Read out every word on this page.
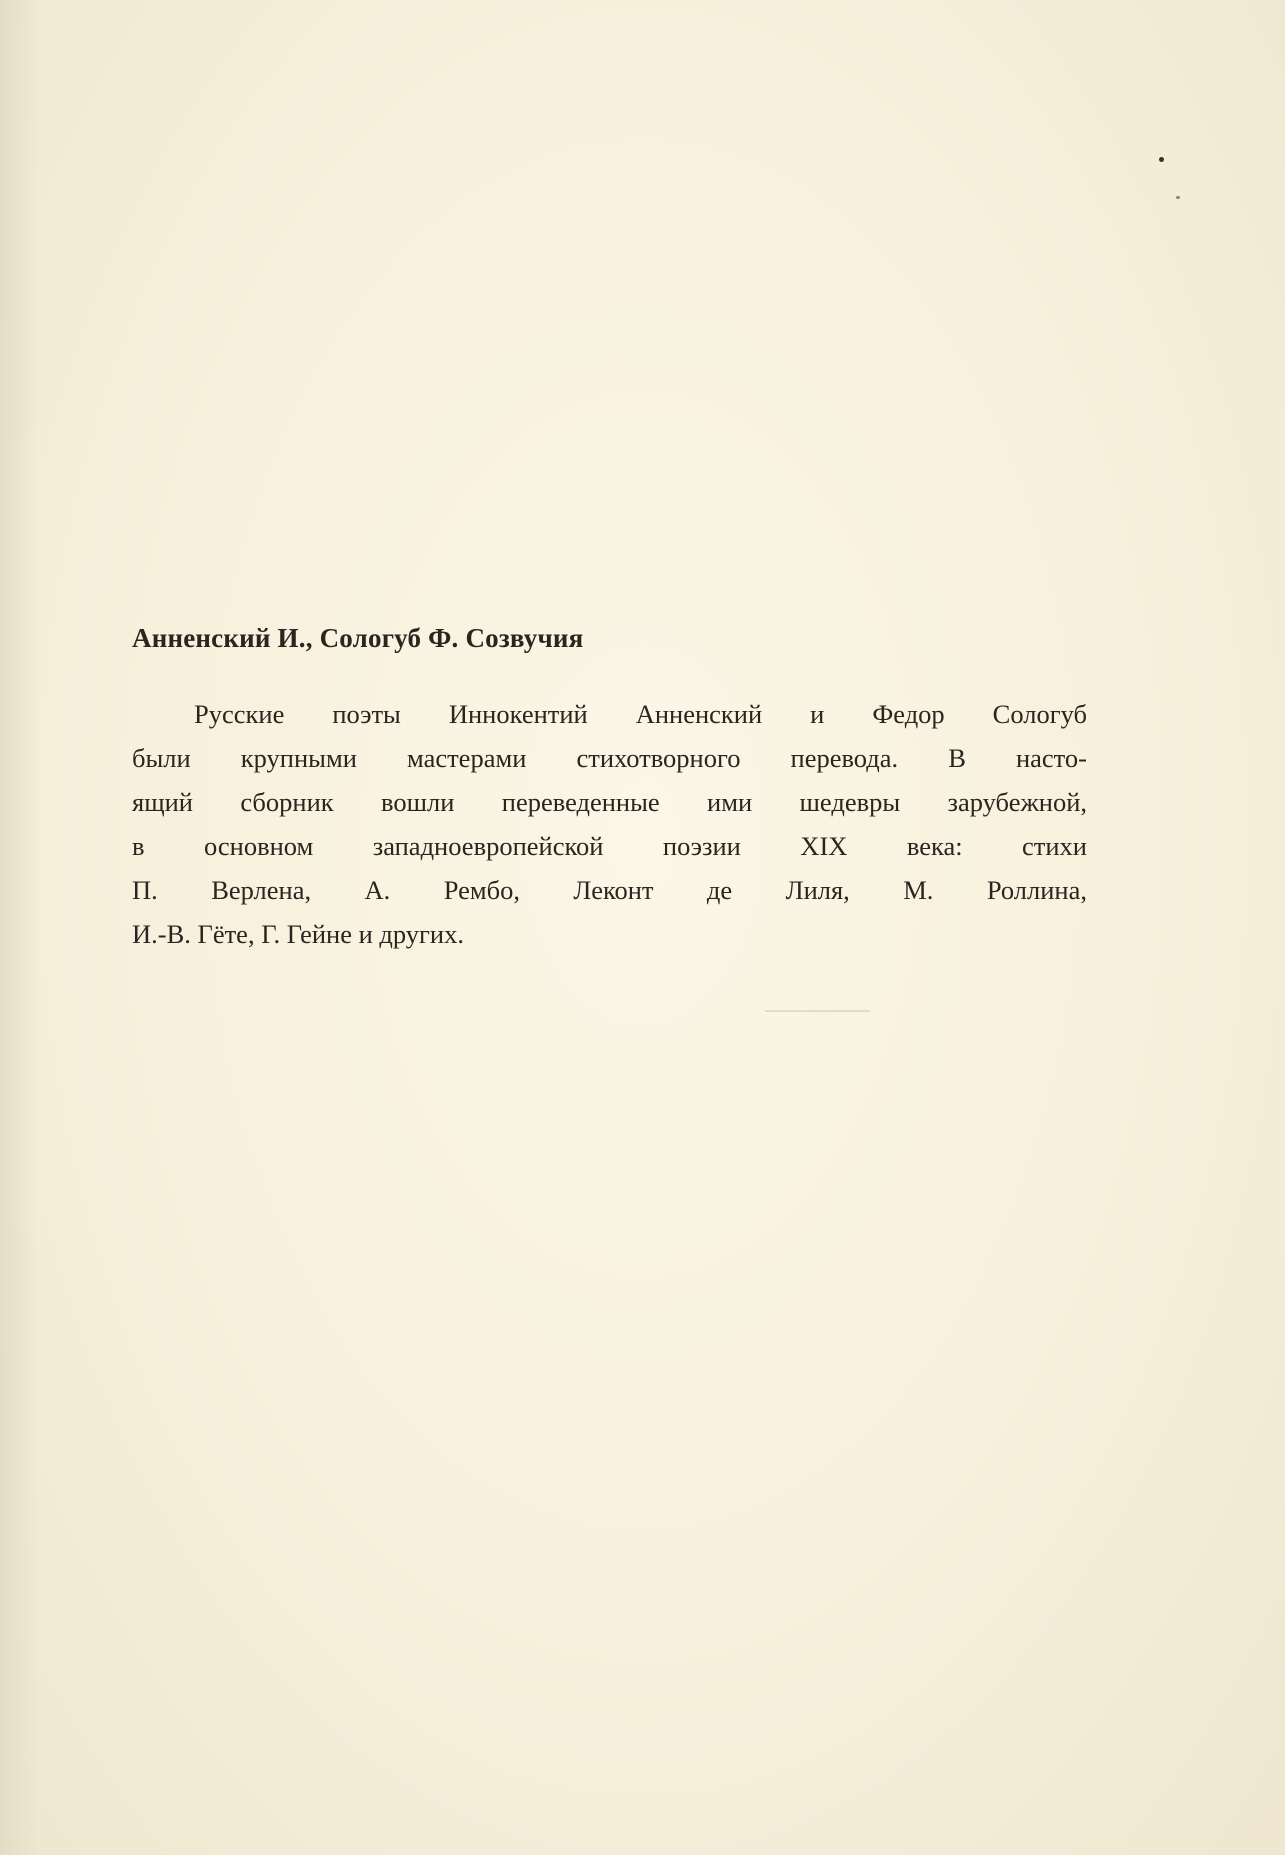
Анненский И., Сологуб Ф. Созвучия

Русские поэты Иннокентий Анненский и Федор Сологуб
были крупными мастерами стихотворного перевода. В насто-
ящий сборник вошли переведенные ими шедевры зарубежной,
в основном западноевропейской поэзии XIX века: стихи
П. Верлена, А. Рембо, Леконт де Лиля, М. Роллина,
И.-В. Гёте, Г. Гейне и других.
